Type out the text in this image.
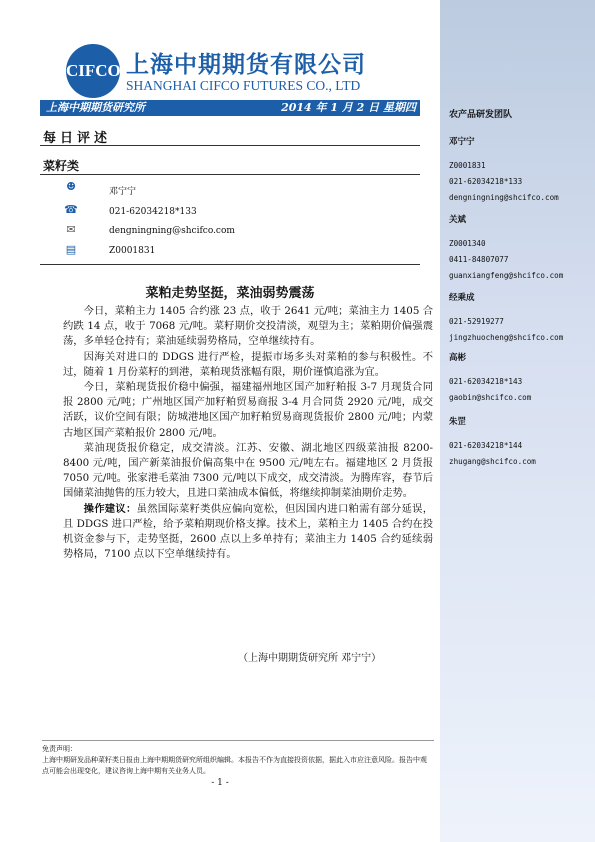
CIFCO 上海中期期货有限公司
SHANGHAI CIFCO FUTURES CO., LTD
上海中期期货研究所	2014 年 1 月 2 日 星期四
每日评述
菜籽类
☻	邓宁宁
☎	021-62034218*133
✉	dengningning@shcifco.com
▤	Z0001831
菜粕走势坚挺，菜油弱势震荡

今日，菜粕主力 1405 合约涨 23 点，收于 2641 元/吨；菜油主力 1405 合约跌 14 点，收于 7068 元/吨。菜籽期价交投清淡，观望为主；菜粕期价偏强震荡，多单轻仓持有；菜油延续弱势格局，空单继续持有。

因海关对进口的 DDGS 进行严检，提振市场多头对菜粕的参与积极性。不过，随着 1 月份菜籽的到港，菜粕现货涨幅有限，期价谨慎追涨为宜。

今日，菜粕现货报价稳中偏强，福建福州地区国产加籽粕报 3-7 月现货合同报 2800 元/吨；广州地区国产加籽粕贸易商报 3-4 月合同货 2920 元/吨，成交活跃，议价空间有限；防城港地区国产加籽粕贸易商现货报价 2800 元/吨；内蒙古地区国产菜粕报价 2800 元/吨。

菜油现货报价稳定，成交清淡。江苏、安徽、湖北地区四级菜油报 8200-8400 元/吨，国产新菜油报价偏高集中在 9500 元/吨左右。福建地区 2 月货报 7050 元/吨。张家港毛菜油 7300 元/吨以下成交，成交清淡。为腾库容，春节后国储菜油抛售的压力较大，且进口菜油成本偏低，将继续抑制菜油期价走势。

操作建议：虽然国际菜籽类供应偏向宽松，但因国内进口粕需有部分延误，且 DDGS 进口严检，给予菜粕期现价格支撑。技术上，菜粕主力 1405 合约在投机资金参与下，走势坚挺，2600 点以上多单持有；菜油主力 1405 合约延续弱势格局，7100 点以下空单继续持有。

（上海中期期货研究所 邓宁宁）
免责声明：
上海中期研发品种菜籽类日报由上海中期期货研究所组织编辑。本报告不作为直接投资依据，据此入市应注意风险。报告中观点可能会出现变化，建议咨询上海中期有关业务人员。
- 1 -
农产品研发团队
邓宁宁
Z0001831
021-62034218*133
dengningning@shcifco.com
关斌
Z0001340
0411-84807077
guanxiangfeng@shcifco.com
经乘成
021-52919277
jingzhuocheng@shcifco.com
高彬
021-62034218*143
gaobin@shcifco.com
朱罡
021-62034218*144
zhugang@shcifco.com
